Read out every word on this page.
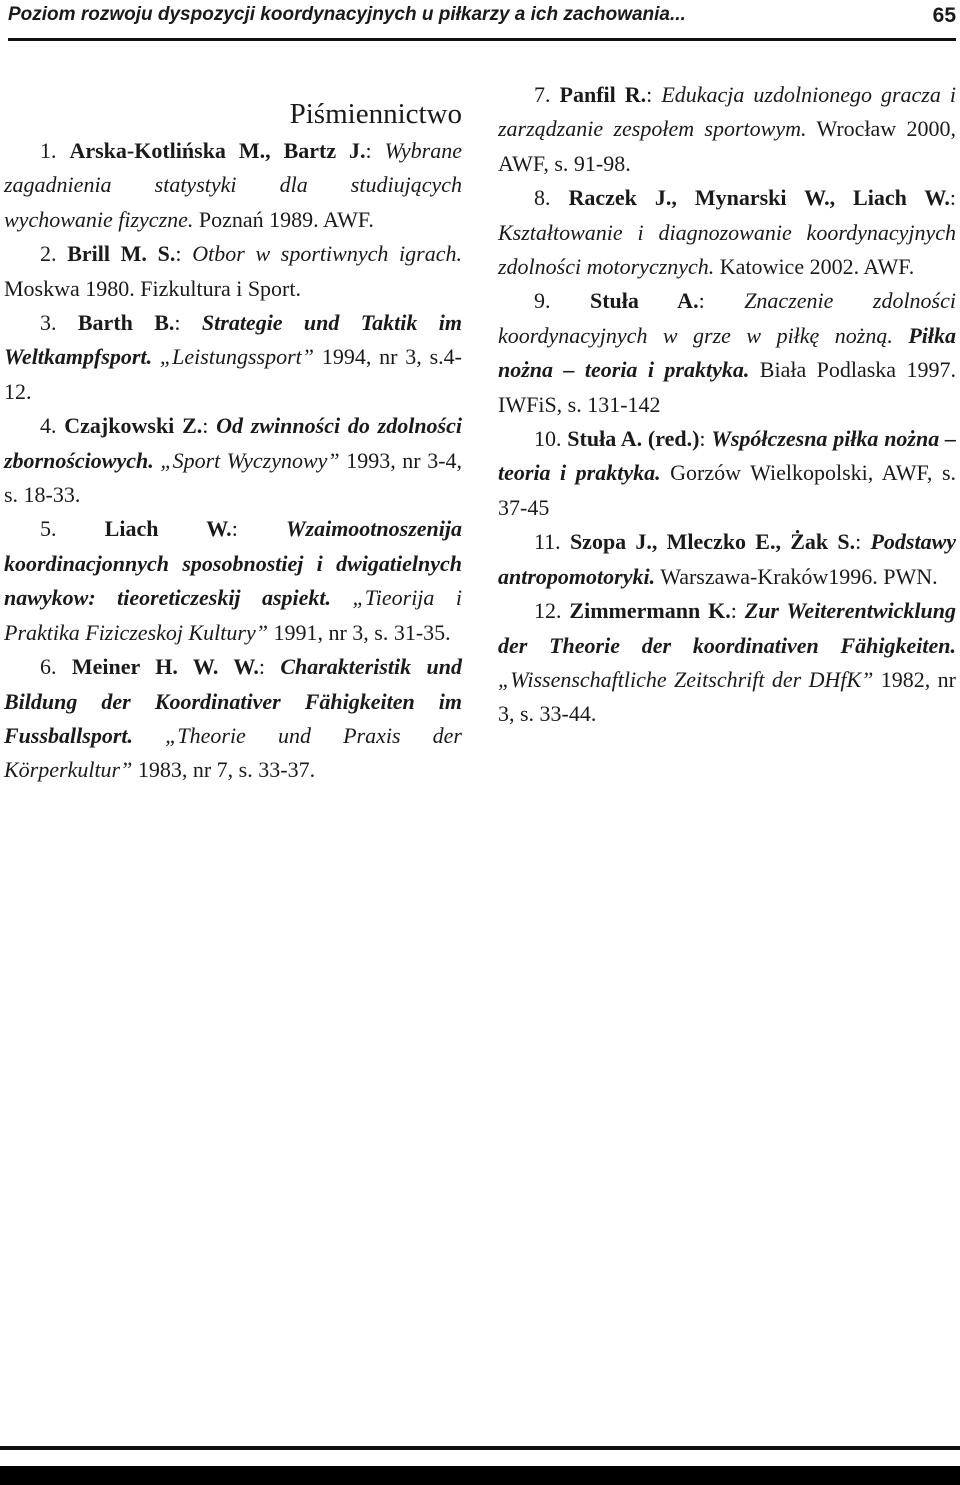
Poziom rozwoju dyspozycji koordynacyjnych u piłkarzy a ich zachowania...	65

Piśmiennictwo

1. Arska-Kotlińska M., Bartz J.: Wybrane zagadnienia statystyki dla studiujących wychowanie fizyczne. Poznań 1989. AWF.

2. Brill M. S.: Otbor w sportiwnych igrach. Moskwa 1980. Fizkultura i Sport.

3. Barth B.: Strategie und Taktik im Weltkampfsport. „Leistungssport” 1994, nr 3, s.4-12.

4. Czajkowski Z.: Od zwinności do zdolności zbornościowych. „Sport Wyczynowy” 1993, nr 3-4, s. 18-33.

5. Liach W.: Wzaimootnoszenija koordinacjonnych sposobnostiej i dwigatielnych nawykow: tieoreticzeskij aspiekt. „Tieorija i Praktika Fiziczeskoj Kultury” 1991, nr 3, s. 31-35.

6. Meiner H. W. W.: Charakteristik und Bildung der Koordinativer Fähigkeiten im Fussballsport. „Theorie und Praxis der Körperkultur” 1983, nr 7, s. 33-37.

7. Panfil R.: Edukacja uzdolnionego gracza i zarządzanie zespołem sportowym. Wrocław 2000, AWF, s. 91-98.

8. Raczek J., Mynarski W., Liach W.: Kształtowanie i diagnozowanie koordynacyjnych zdolności motorycznych. Katowice 2002. AWF.

9. Stuła A.: Znaczenie zdolności koordynacyjnych w grze w piłkę nożną. Piłka nożna – teoria i praktyka. Biała Podlaska 1997. IWFiS, s. 131-142

10. Stuła A. (red.): Współczesna piłka nożna – teoria i praktyka. Gorzów Wielkopolski, AWF, s. 37-45

11. Szopa J., Mleczko E., Żak S.: Podstawy antropomotoryki. Warszawa-Kraków1996. PWN.

12. Zimmermann K.: Zur Weiterentwicklung der Theorie der koordinativen Fähigkeiten. „Wissenschaftliche Zeitschrift der DHfK” 1982, nr 3, s. 33-44.
